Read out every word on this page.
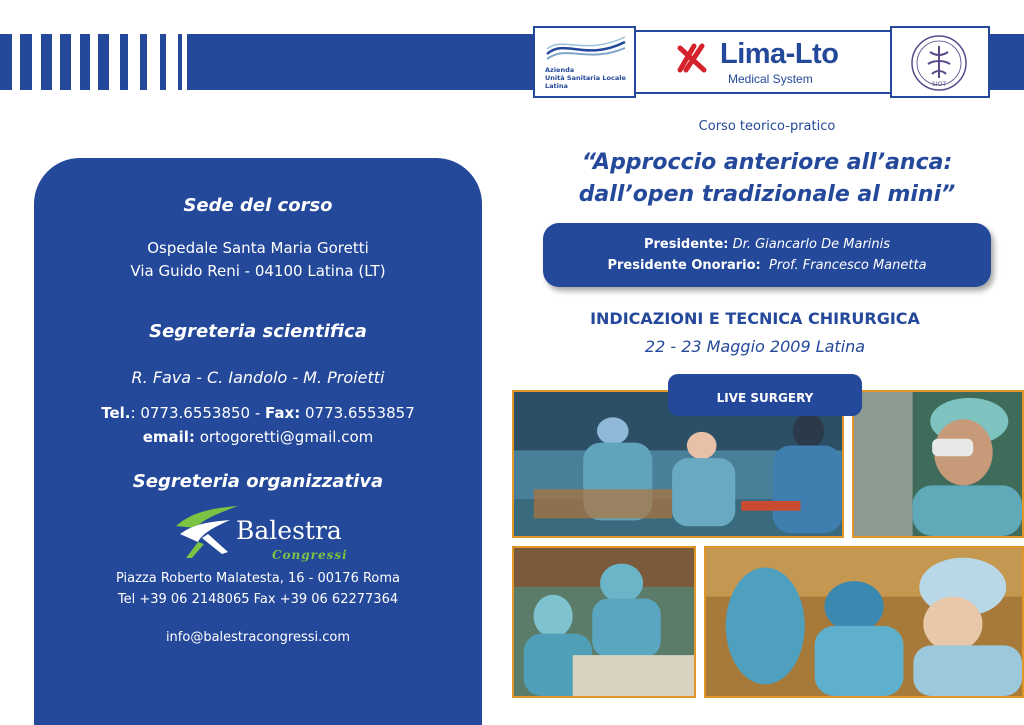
Azienda
Unità Sanitaria Locale
Latina
Lima-Lto
Medical System	SIOT
Sede del corso
Ospedale Santa Maria Goretti
Via Guido Reni - 04100 Latina (LT)
Segreteria scientifica
R. Fava - C. Iandolo - M. Proietti
Tel.: 0773.6553850 - Fax: 0773.6553857
email: ortogoretti@gmail.com
Segreteria organizzativa
Balestra
Congressi
Piazza Roberto Malatesta, 16 - 00176 Roma
Tel +39 06 2148065 Fax +39 06 62277364
info@balestracongressi.com
Corso teorico-pratico
“Approccio anteriore all’anca:
dall’open tradizionale al mini”
Presidente: Dr. Giancarlo De Marinis
Presidente Onorario: Prof. Francesco Manetta
INDICAZIONI E TECNICA CHIRURGICA
22 - 23 Maggio 2009 Latina
LIVE SURGERY
